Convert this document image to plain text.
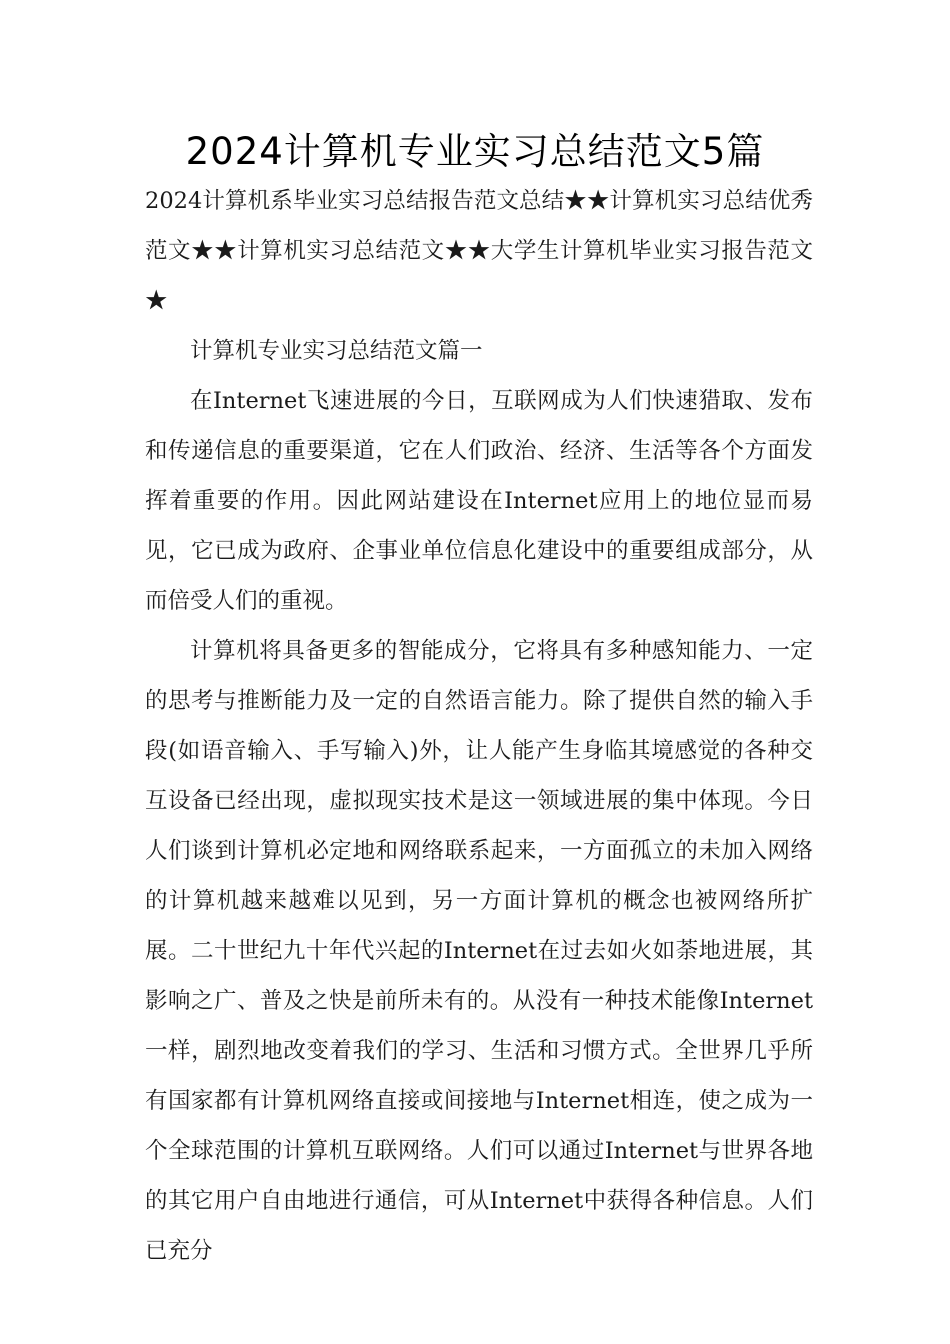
2024计算机专业实习总结范文5篇

2024计算机系毕业实习总结报告范文总结★★计算机实习总结优秀范文★★计算机实习总结范文★★大学生计算机毕业实习报告范文★

计算机专业实习总结范文篇一

在Internet飞速进展的今日，互联网成为人们快速猎取、发布和传递信息的重要渠道，它在人们政治、经济、生活等各个方面发挥着重要的作用。因此网站建设在Internet应用上的地位显而易见，它已成为政府、企事业单位信息化建设中的重要组成部分，从而倍受人们的重视。

计算机将具备更多的智能成分，它将具有多种感知能力、一定的思考与推断能力及一定的自然语言能力。除了提供自然的输入手段(如语音输入、手写输入)外，让人能产生身临其境感觉的各种交互设备已经出现，虚拟现实技术是这一领域进展的集中体现。今日人们谈到计算机必定地和网络联系起来，一方面孤立的未加入网络的计算机越来越难以见到，另一方面计算机的概念也被网络所扩展。二十世纪九十年代兴起的Internet在过去如火如荼地进展，其影响之广、普及之快是前所未有的。从没有一种技术能像Internet一样，剧烈地改变着我们的学习、生活和习惯方式。全世界几乎所有国家都有计算机网络直接或间接地与Internet相连，使之成为一个全球范围的计算机互联网络。人们可以通过Internet与世界各地的其它用户自由地进行通信，可从Internet中获得各种信息。人们已充分
